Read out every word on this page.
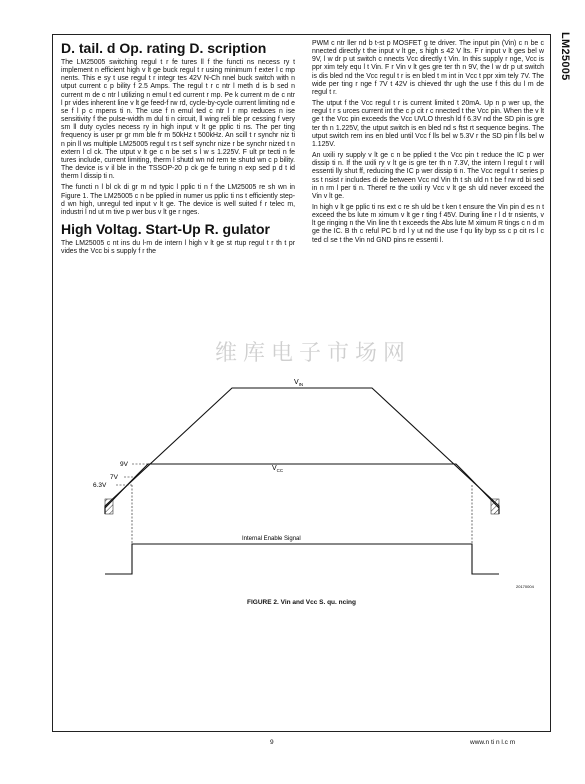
LM25005
D. tail. d Op. rating D. scription

The LM25005 switching regul t r fe tures ll f the functi ns necess ry t implement n efficient high v lt ge buck regul t r using minimum f exter l c mp nents. This e sy t use regul t r integr tes 42V N-Ch nnel buck switch with n utput current c p bility f 2.5 Amps. The regul t r c ntr l meth d is b sed n current m de c ntr l utilizing n emul t ed current r mp. Pe k current m de c ntr l pr vides inherent line v lt ge feed-f rw rd, cycle-by-cycle current limiting nd e se f l p c mpens ti n. The use f n emul ted c ntr l r mp reduces n ise sensitivity f the pulse-width m dul ti n circuit, ll wing reli ble pr cessing f very sm ll duty cycles necess ry in high input v lt ge pplic ti ns. The per ting frequency is user pr gr mm ble fr m 50kHz t 500kHz. An scill t r synchr niz ti n pin ll ws multiple LM25005 regul t rs t self synchr nize r be synchr nized t n extern l cl ck. The utput v lt ge c n be set s l w s 1.225V. F ult pr tecti n fe tures include, current limiting, therm l shutd wn nd rem te shutd wn c p bility. The device is v il ble in the TSSOP-20 p ck ge fe turing n exp sed p d t id therm l dissip ti n.

The functi n l bl ck di gr m nd typic l pplic ti n f the LM25005 re sh wn in Figure 1. The LM25005 c n be pplied in numer us pplic ti ns t efficiently step-d wn high, unregul ted input v lt ge. The device is well suited f r telec m, industri l nd ut m tive p wer bus v lt ge r nges.

High Voltag. Start-Up R. gulator

The LM25005 c nt ins du l-m de intern l high v lt ge st rtup regul t r th t pr vides the Vcc bi s supply f r the

PWM c ntr ller nd b t-st p MOSFET g te driver. The input pin (Vin) c n be c nnected directly t the input v lt ge, s high s 42 V lts. F r input v lt ges bel w 9V, l w dr p ut switch c nnects Vcc directly t Vin. In this supply r nge, Vcc is ppr xim tely equ l t Vin. F r Vin v lt ges gre ter th n 9V, the l w dr p ut switch is dis bled nd the Vcc regul t r is en bled t m int in Vcc t ppr xim tely 7V. The wide per ting r nge f 7V t 42V is chieved thr ugh the use f this du l m de regul t r.

The utput f the Vcc regul t r is current limited t 20mA. Up n p wer up, the regul t r s urces current int the c p cit r c nnected t the Vcc pin. When the v lt ge t the Vcc pin exceeds the Vcc UVLO thresh ld f 6.3V nd the SD pin is gre ter th n 1.225V, the utput switch is en bled nd s ftst rt sequence begins. The utput switch rem ins en bled until Vcc f lls bel w 5.3V r the SD pin f lls bel w 1.125V.

An uxili ry supply v lt ge c n be pplied t the Vcc pin t reduce the IC p wer dissip ti n. If the uxili ry v lt ge is gre ter th n 7.3V, the intern l regul t r will essenti lly shut ff, reducing the IC p wer dissip ti n. The Vcc regul t r series p ss t nsist r includes di de between Vcc nd Vin th t sh uld n t be f rw rd bi sed in n rm l per ti n. Theref re the uxili ry Vcc v lt ge sh uld never exceed the Vin v lt ge.

In high v lt ge pplic ti ns ext c re sh uld be t ken t ensure the Vin pin d es n t exceed the bs lute m ximum v lt ge r ting f 45V. During line r l d tr nsients, v lt ge ringing n the Vin line th t exceeds the Abs lute M ximum R tings c n d m ge the IC. B th c reful PC b rd l y ut nd the use f qu lity byp ss c p cit rs l c ted cl se t the Vin nd GND pins re essenti l.

维库电子市场网
$V_{IN}$
$V_{CC}$
9V
7V
6.3V
Internal Enable Signal
20170004
FIGURE 2. Vin and Vcc S. qu. ncing
9	www.n ti n l.c m
